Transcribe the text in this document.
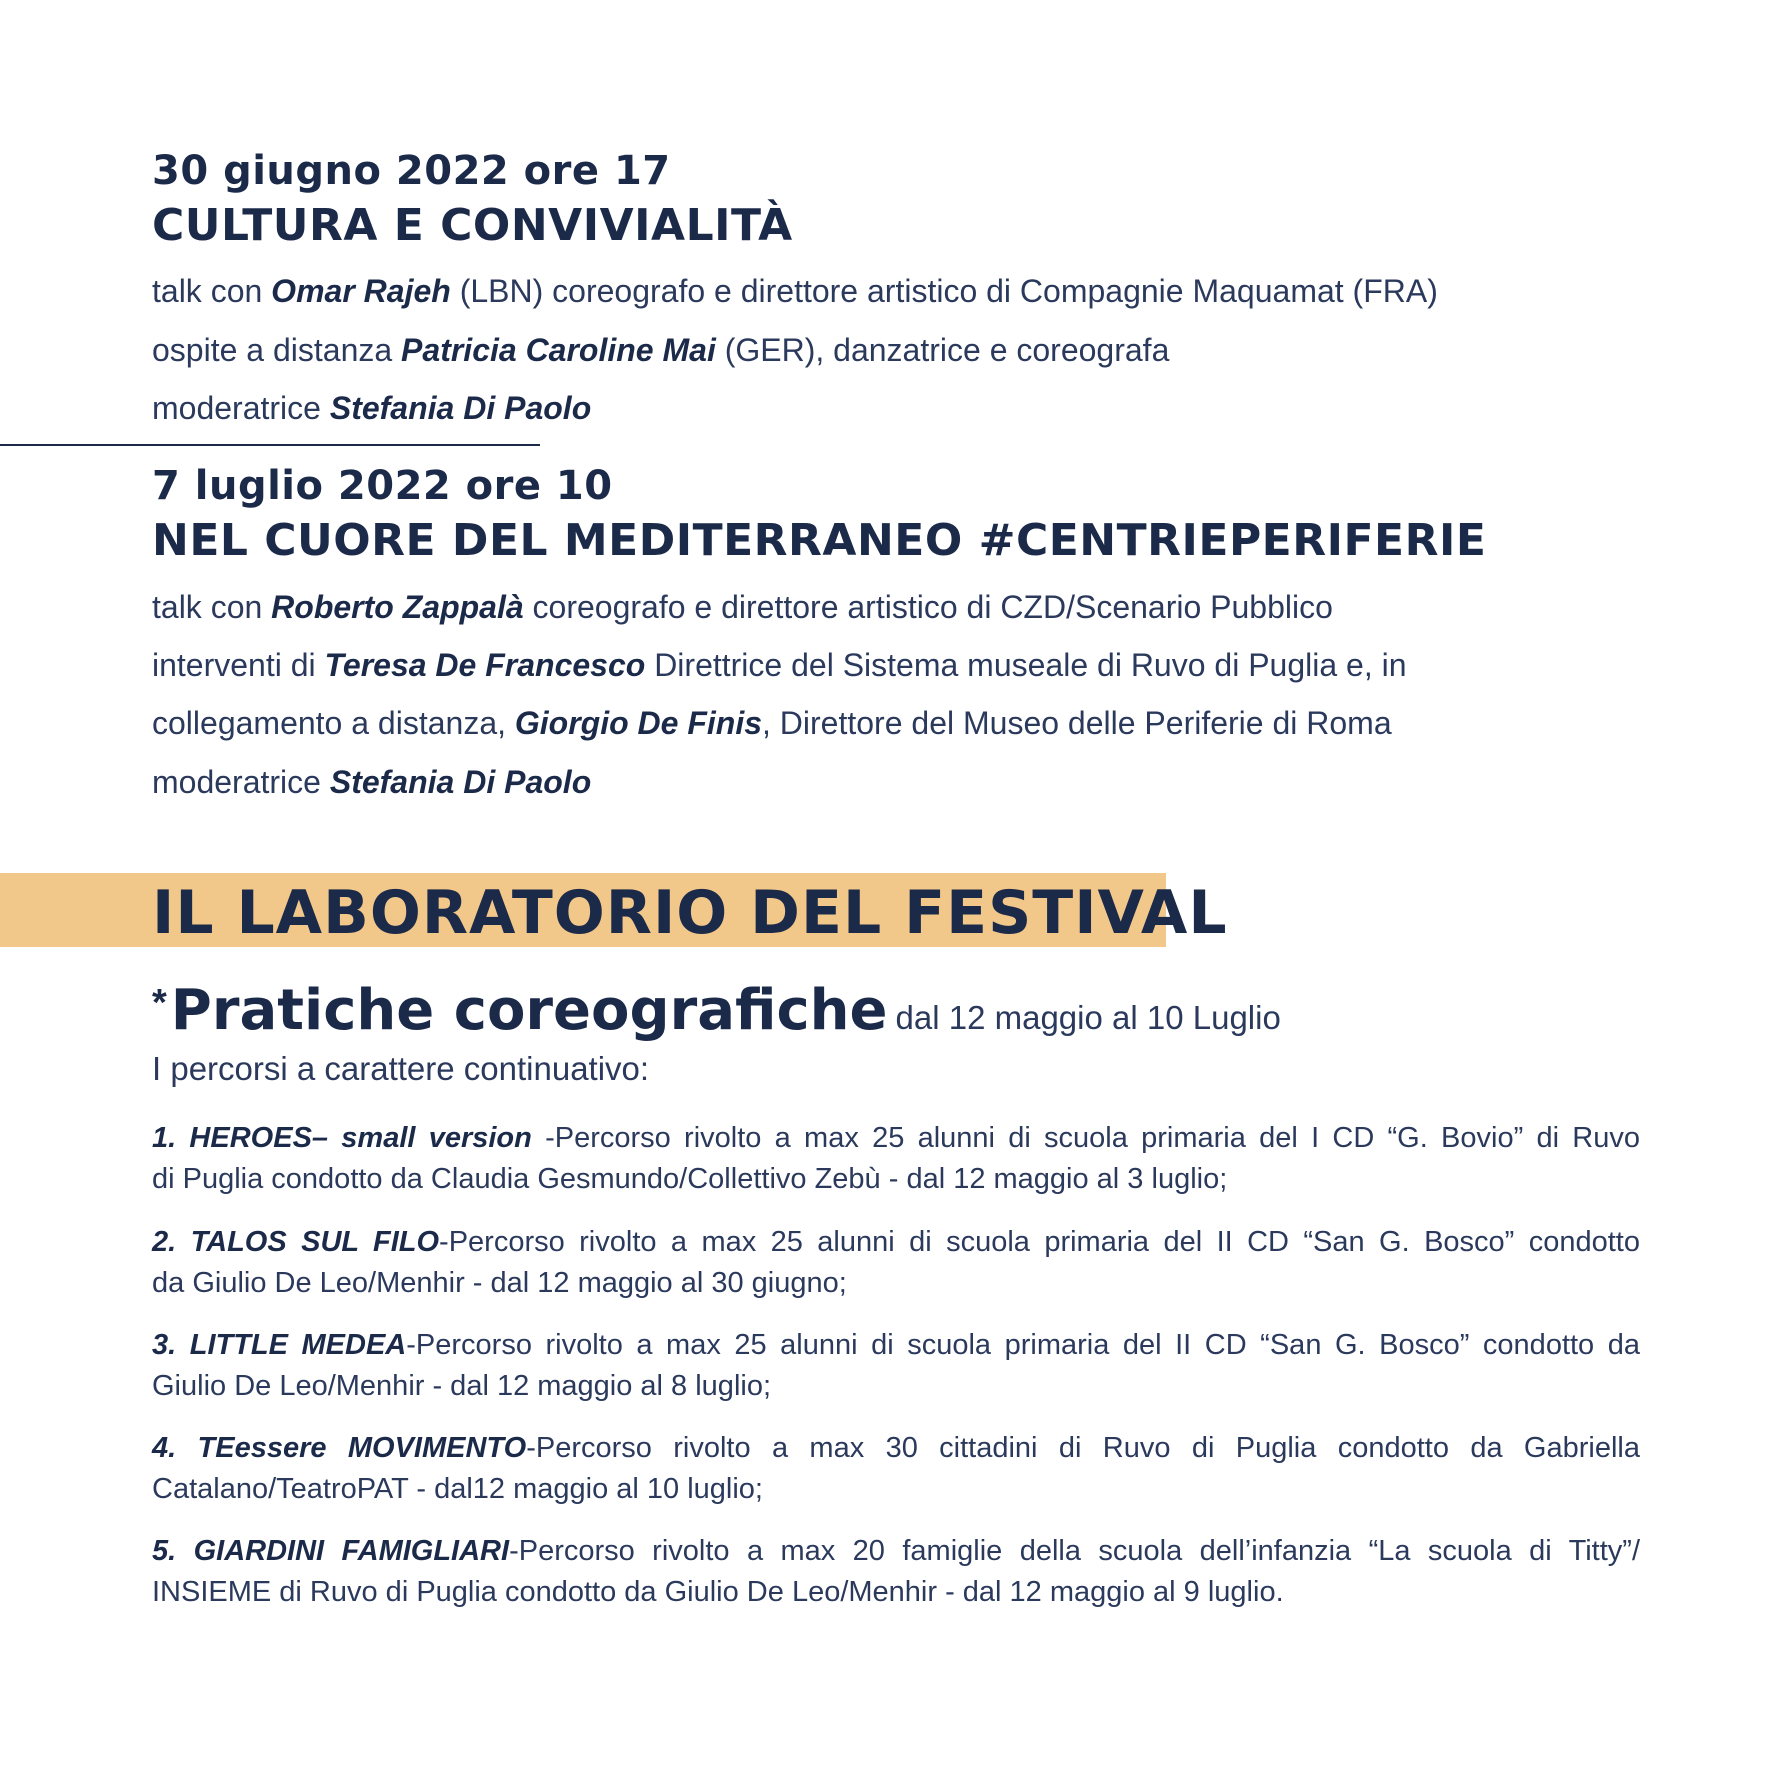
30 giugno 2022 ore 17
CULTURA E CONVIVIALITÀ

talk con Omar Rajeh (LBN) coreografo e direttore artistico di Compagnie Maquamat (FRA)

ospite a distanza Patricia Caroline Mai (GER), danzatrice e coreografa

moderatrice Stefania Di Paolo

7 luglio 2022 ore 10
NEL CUORE DEL MEDITERRANEO #CENTRIEPERIFERIE

talk con Roberto Zappalà coreografo e direttore artistico di CZD/Scenario Pubblico

interventi di Teresa De Francesco Direttrice del Sistema museale di Ruvo di Puglia e, in

collegamento a distanza, Giorgio De Finis, Direttore del Museo delle Periferie di Roma

moderatrice Stefania Di Paolo

IL LABORATORIO DEL FESTIVAL
*Pratiche coreografiche dal 12 maggio al 10 Luglio

I percorsi a carattere continuativo:

1. HEROES– small version -Percorso rivolto a max 25 alunni di scuola primaria del I CD “G. Bovio” di Ruvo
di Puglia condotto da Claudia Gesmundo/Collettivo Zebù - dal 12 maggio al 3 luglio;

2. TALOS SUL FILO-Percorso rivolto a max 25 alunni di scuola primaria del II CD “San G. Bosco” condotto
da Giulio De Leo/Menhir - dal 12 maggio al 30 giugno;

3. LITTLE MEDEA-Percorso rivolto a max 25 alunni di scuola primaria del II CD “San G. Bosco” condotto da
Giulio De Leo/Menhir - dal 12 maggio al 8 luglio;

4. TEessere MOVIMENTO-Percorso rivolto a max 30 cittadini di Ruvo di Puglia condotto da Gabriella
Catalano/TeatroPAT - dal12 maggio al 10 luglio;

5. GIARDINI FAMIGLIARI-Percorso rivolto a max 20 famiglie della scuola dell’infanzia “La scuola di Titty”/
INSIEME di Ruvo di Puglia condotto da Giulio De Leo/Menhir - dal 12 maggio al 9 luglio.
